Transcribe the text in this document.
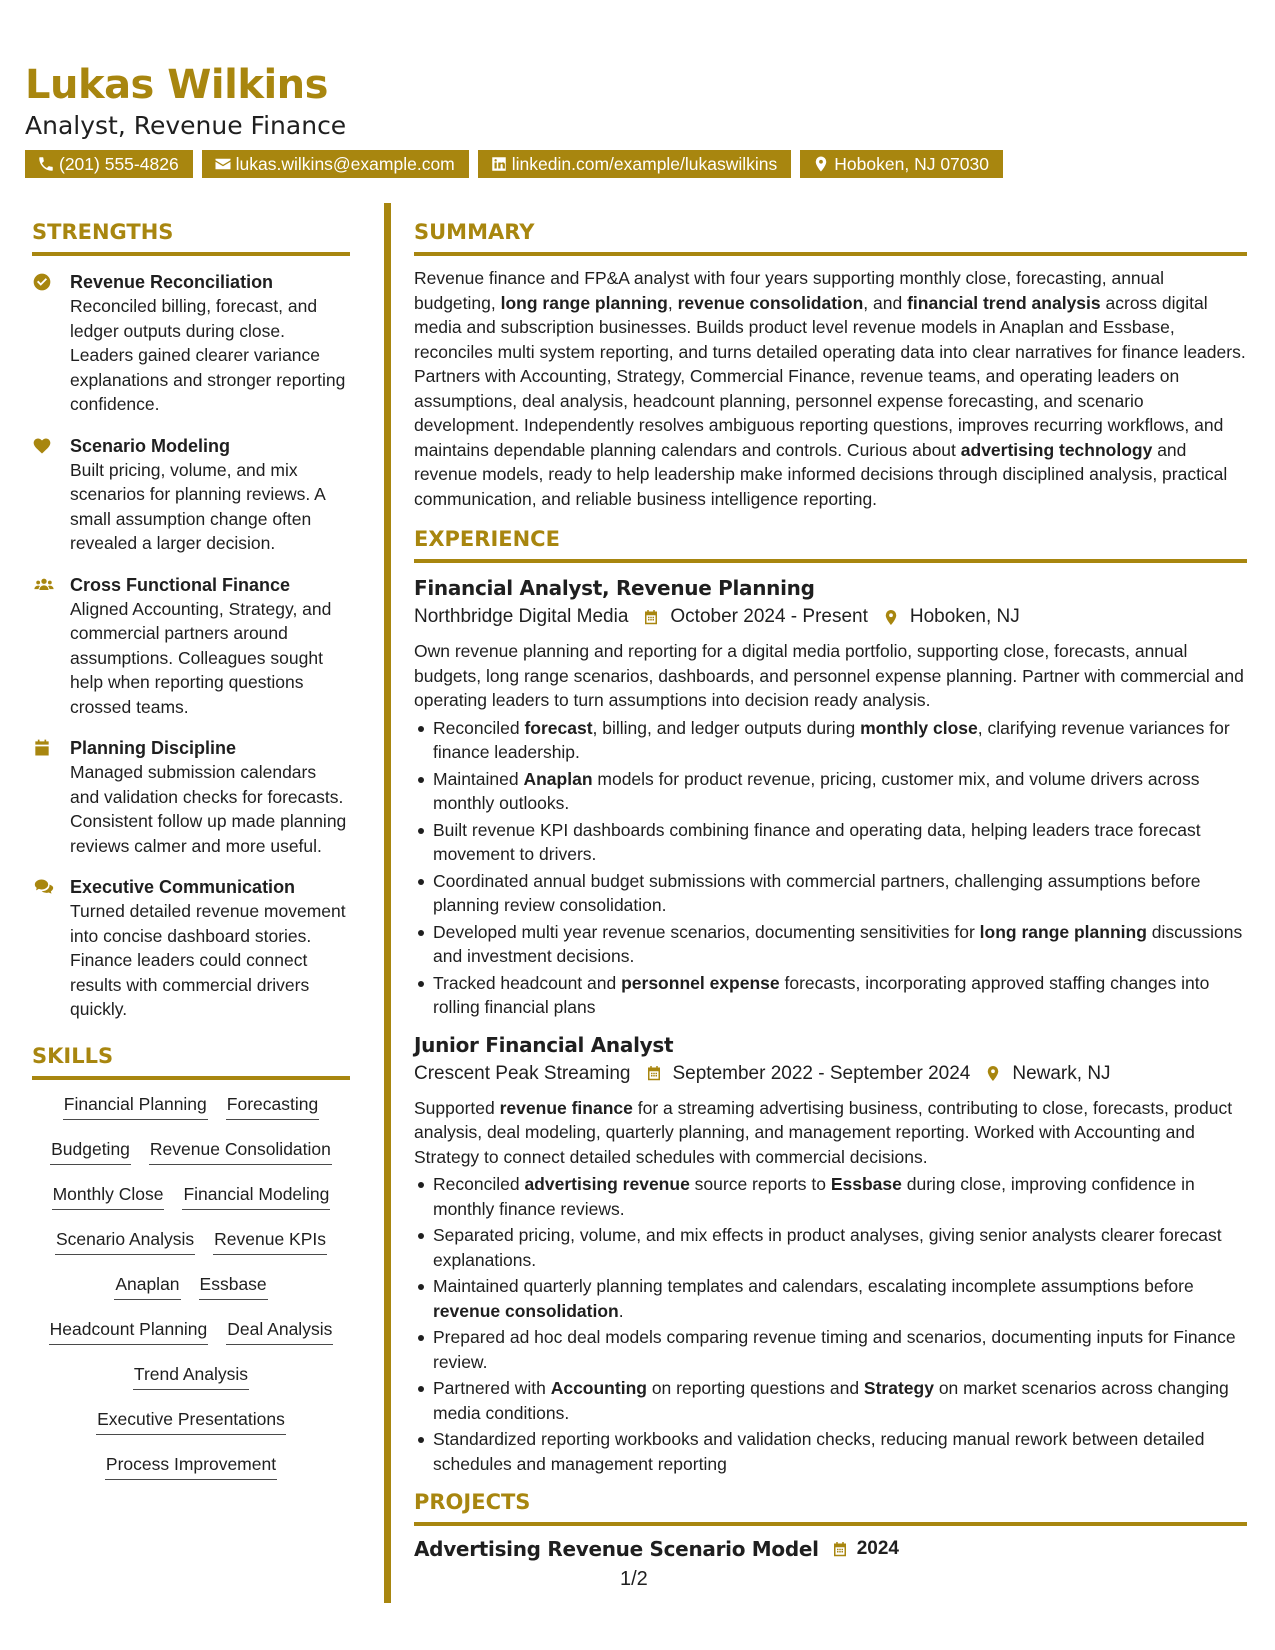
Lukas Wilkins
Analyst, Revenue Finance
(201) 555-4826	lukas.wilkins@example.com	linkedin.com/example/lukaswilkins	Hoboken, NJ 07030
STRENGTHS
Revenue Reconciliation
Reconciled billing, forecast, and ledger outputs during close. Leaders gained clearer variance explanations and stronger reporting confidence.
Scenario Modeling
Built pricing, volume, and mix scenarios for planning reviews. A small assumption change often revealed a larger decision.
Cross Functional Finance
Aligned Accounting, Strategy, and commercial partners around assumptions. Colleagues sought help when reporting questions crossed teams.
Planning Discipline
Managed submission calendars and validation checks for forecasts. Consistent follow up made planning reviews calmer and more useful.
Executive Communication
Turned detailed revenue movement into concise dashboard stories. Finance leaders could connect results with commercial drivers quickly.
SKILLS
Financial Planning Forecasting
Budgeting Revenue Consolidation
Monthly Close Financial Modeling
Scenario Analysis Revenue KPIs
Anaplan Essbase
Headcount Planning Deal Analysis
Trend Analysis
Executive Presentations
Process Improvement
SUMMARY
Revenue finance and FP&A analyst with four years supporting monthly close, forecasting, annual budgeting, long range planning, revenue consolidation, and financial trend analysis across digital media and subscription businesses. Builds product level revenue models in Anaplan and Essbase, reconciles multi system reporting, and turns detailed operating data into clear narratives for finance leaders. Partners with Accounting, Strategy, Commercial Finance, revenue teams, and operating leaders on assumptions, deal analysis, headcount planning, personnel expense forecasting, and scenario development. Independently resolves ambiguous reporting questions, improves recurring workflows, and maintains dependable planning calendars and controls. Curious about advertising technology and revenue models, ready to help leadership make informed decisions through disciplined analysis, practical communication, and reliable business intelligence reporting.
EXPERIENCE
Financial Analyst, Revenue Planning
Northbridge Digital Media October 2024 - Present Hoboken, NJ
Own revenue planning and reporting for a digital media portfolio, supporting close, forecasts, annual budgets, long range scenarios, dashboards, and personnel expense planning. Partner with commercial and operating leaders to turn assumptions into decision ready analysis.
Reconciled forecast, billing, and ledger outputs during monthly close, clarifying revenue variances for finance leadership.
Maintained Anaplan models for product revenue, pricing, customer mix, and volume drivers across monthly outlooks.
Built revenue KPI dashboards combining finance and operating data, helping leaders trace forecast movement to drivers.
Coordinated annual budget submissions with commercial partners, challenging assumptions before planning review consolidation.
Developed multi year revenue scenarios, documenting sensitivities for long range planning discussions and investment decisions.
Tracked headcount and personnel expense forecasts, incorporating approved staffing changes into rolling financial plans
Junior Financial Analyst
Crescent Peak Streaming September 2022 - September 2024 Newark, NJ
Supported revenue finance for a streaming advertising business, contributing to close, forecasts, product analysis, deal modeling, quarterly planning, and management reporting. Worked with Accounting and Strategy to connect detailed schedules with commercial decisions.
Reconciled advertising revenue source reports to Essbase during close, improving confidence in monthly finance reviews.
Separated pricing, volume, and mix effects in product analyses, giving senior analysts clearer forecast explanations.
Maintained quarterly planning templates and calendars, escalating incomplete assumptions before revenue consolidation.
Prepared ad hoc deal models comparing revenue timing and scenarios, documenting inputs for Finance review.
Partnered with Accounting on reporting questions and Strategy on market scenarios across changing media conditions.
Standardized reporting workbooks and validation checks, reducing manual rework between detailed schedules and management reporting
PROJECTS
Advertising Revenue Scenario Model 2024
1/2
